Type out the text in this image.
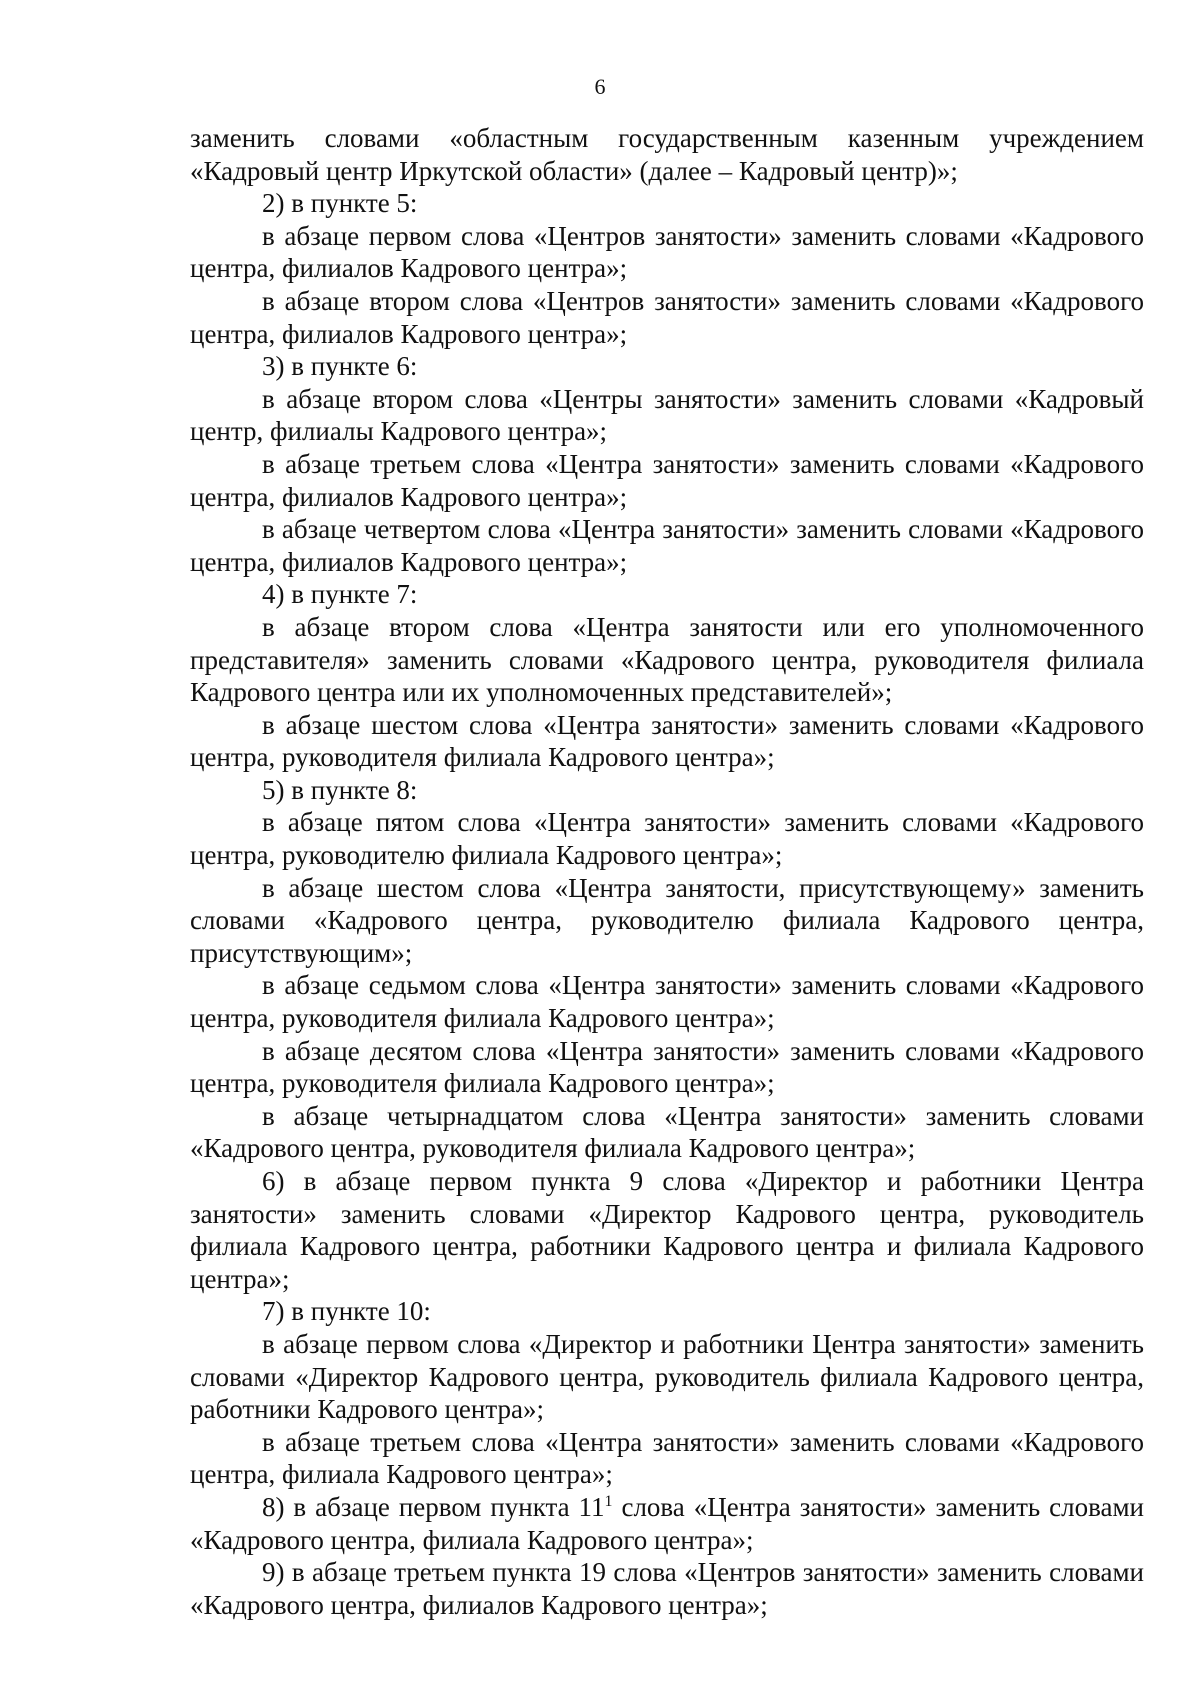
6

заменить словами «областным государственным казенным учреждением «Кадровый центр Иркутской области» (далее – Кадровый центр)»;

2) в пункте 5:

в абзаце первом слова «Центров занятости» заменить словами «Кадрового центра, филиалов Кадрового центра»;

в абзаце втором слова «Центров занятости» заменить словами «Кадрового центра, филиалов Кадрового центра»;

3) в пункте 6:

в абзаце втором слова «Центры занятости» заменить словами «Кадровый центр, филиалы Кадрового центра»;

в абзаце третьем слова «Центра занятости» заменить словами «Кадрового центра, филиалов Кадрового центра»;

в абзаце четвертом слова «Центра занятости» заменить словами «Кадрового центра, филиалов Кадрового центра»;

4) в пункте 7:

в абзаце втором слова «Центра занятости или его уполномоченного представителя» заменить словами «Кадрового центра, руководителя филиала Кадрового центра или их уполномоченных представителей»;

в абзаце шестом слова «Центра занятости» заменить словами «Кадрового центра, руководителя филиала Кадрового центра»;

5) в пункте 8:

в абзаце пятом слова «Центра занятости» заменить словами «Кадрового центра, руководителю филиала Кадрового центра»;

в абзаце шестом слова «Центра занятости, присутствующему» заменить словами «Кадрового центра, руководителю филиала Кадрового центра, присутствующим»;

в абзаце седьмом слова «Центра занятости» заменить словами «Кадрового центра, руководителя филиала Кадрового центра»;

в абзаце десятом слова «Центра занятости» заменить словами «Кадрового центра, руководителя филиала Кадрового центра»;

в абзаце четырнадцатом слова «Центра занятости» заменить словами «Кадрового центра, руководителя филиала Кадрового центра»;

6) в абзаце первом пункта 9 слова «Директор и работники Центра занятости» заменить словами «Директор Кадрового центра, руководитель филиала Кадрового центра, работники Кадрового центра и филиала Кадрового центра»;

7) в пункте 10:

в абзаце первом слова «Директор и работники Центра занятости» заменить словами «Директор Кадрового центра, руководитель филиала Кадрового центра, работники Кадрового центра»;

в абзаце третьем слова «Центра занятости» заменить словами «Кадрового центра, филиала Кадрового центра»;

8) в абзаце первом пункта $11^1$ слова «Центра занятости» заменить словами «Кадрового центра, филиала Кадрового центра»;

9) в абзаце третьем пункта 19 слова «Центров занятости» заменить словами «Кадрового центра, филиалов Кадрового центра»;
